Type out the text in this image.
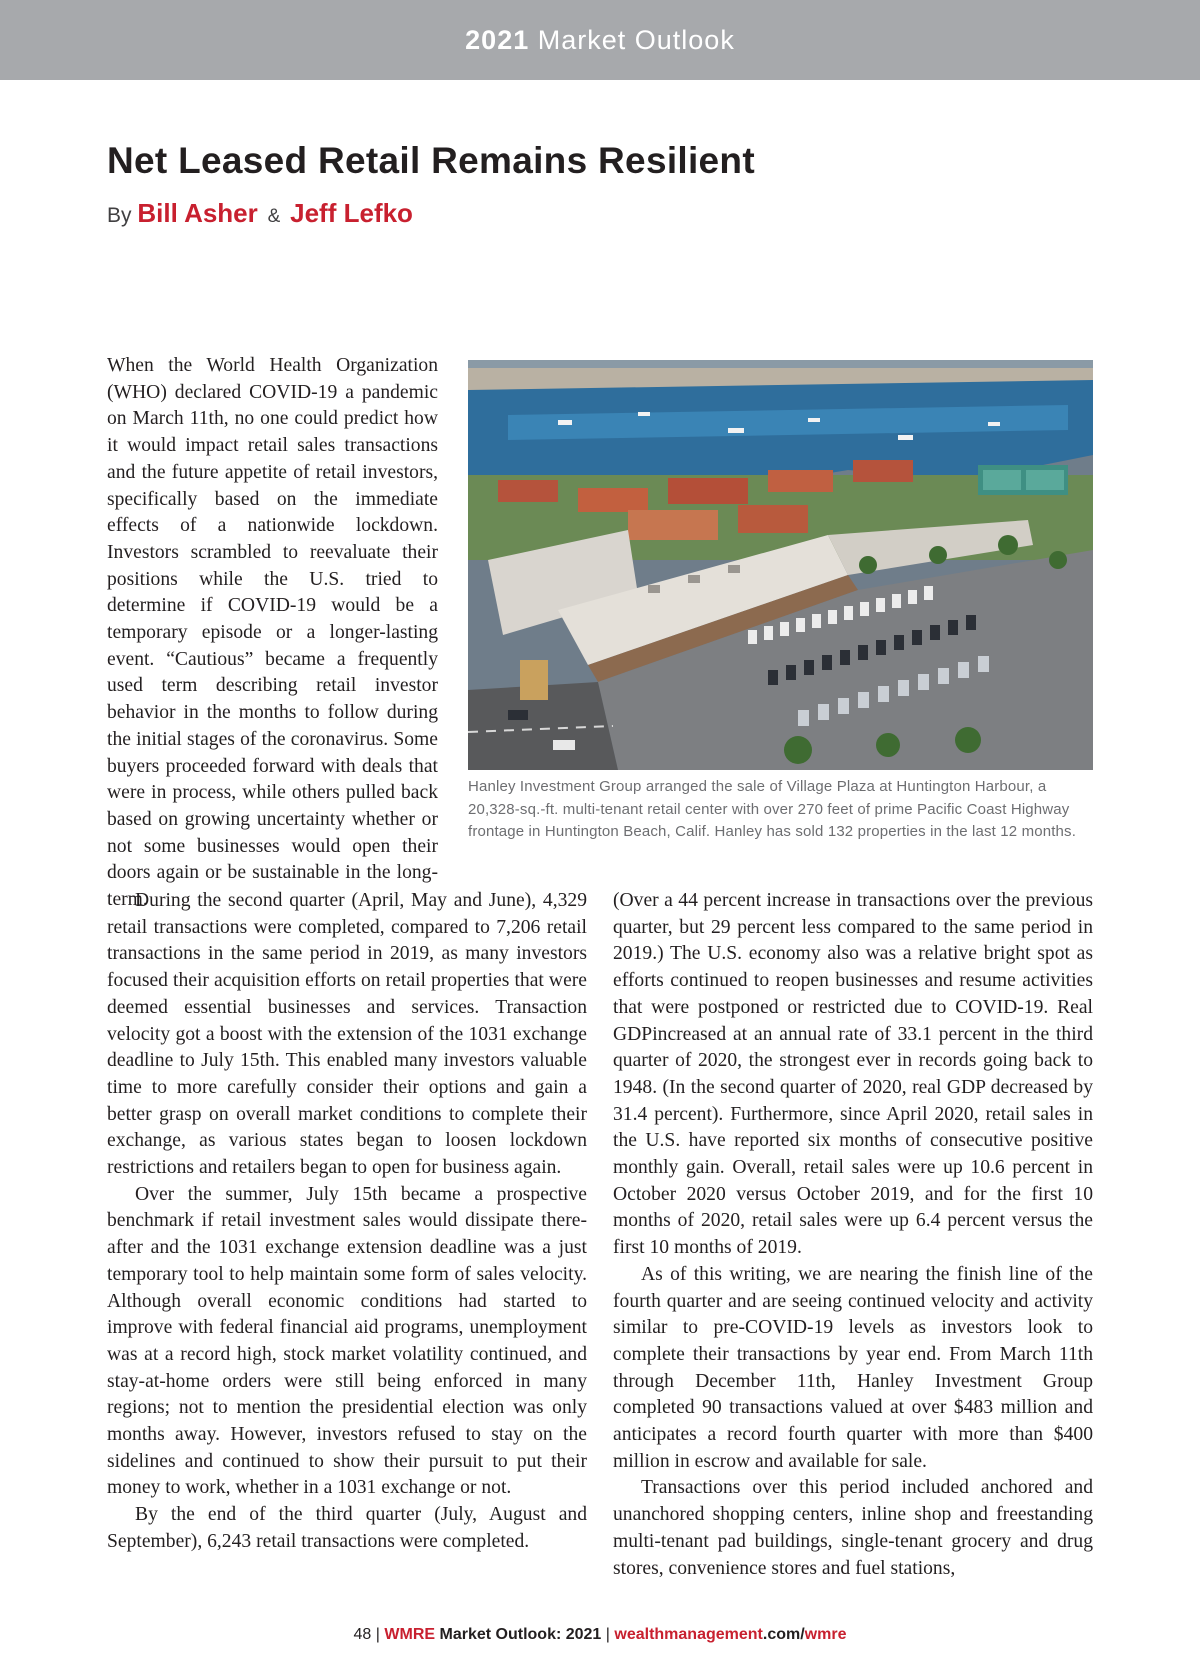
2021 Market Outlook
Net Leased Retail Remains Resilient
By Bill Asher & Jeff Lefko
Hanley Investment Group arranged the sale of Village Plaza at Huntington Harbour, a 20,328-sq.-ft. multi-tenant retail center with over 270 feet of prime Pacific Coast Highway frontage in Huntington Beach, Calif. Hanley has sold 132 properties in the last 12 months.

When the World Health Organization (WHO) declared COVID-19 a pandemic on March 11th, no one could predict how it would impact retail sales transactions and the future appetite of retail investors, specifically based on the immediate effects of a nationwide lockdown. Investors scrambled to reevaluate their positions while the U.S. tried to determine if COVID-19 would be a temporary episode or a longer-lasting event. “Cautious” became a frequently used term describing retail investor behavior in the months to follow during the initial stages of the coronavirus. Some buyers proceeded forward with deals that were in process, while others pulled back based on growing uncertainty whether or not some businesses would open their doors again or be sustainable in the long-term.

During the second quarter (April, May and June), 4,329 retail transactions were completed, compared to 7,206 retail transactions in the same period in 2019, as many investors focused their acquisition efforts on retail properties that were deemed essential businesses and services. Transaction velocity got a boost with the extension of the 1031 exchange deadline to July 15th. This enabled many investors valuable time to more carefully consider their options and gain a better grasp on overall market conditions to complete their exchange, as various states began to loosen lockdown restrictions and retailers began to open for business again.

Over the summer, July 15th became a prospective benchmark if retail investment sales would dissipate thereafter and the 1031 exchange extension deadline was a just temporary tool to help maintain some form of sales velocity. Although overall economic conditions had started to improve with federal financial aid programs, unemployment was at a record high, stock market volatility continued, and stay-at-home orders were still being enforced in many regions; not to mention the presidential election was only months away. However, investors refused to stay on the sidelines and continued to show their pursuit to put their money to work, whether in a 1031 exchange or not.

By the end of the third quarter (July, August and September), 6,243 retail transactions were completed.

(Over a 44 percent increase in transactions over the previous quarter, but 29 percent less compared to the same period in 2019.) The U.S. economy also was a relative bright spot as efforts continued to reopen businesses and resume activities that were postponed or restricted due to COVID-19. Real GDPincreased at an annual rate of 33.1 percent in the third quarter of 2020, the strongest ever in records going back to 1948. (In the second quarter of 2020, real GDP decreased by 31.4 percent). Furthermore, since April 2020, retail sales in the U.S. have reported six months of consecutive positive monthly gain. Overall, retail sales were up 10.6 percent in October 2020 versus October 2019, and for the first 10 months of 2020, retail sales were up 6.4 percent versus the first 10 months of 2019.

As of this writing, we are nearing the finish line of the fourth quarter and are seeing continued velocity and activity similar to pre-COVID-19 levels as investors look to complete their transactions by year end. From March 11th through December 11th, Hanley Investment Group completed 90 transactions valued at over $483 million and anticipates a record fourth quarter with more than $400 million in escrow and available for sale.

Transactions over this period included anchored and unanchored shopping centers, inline shop and freestanding multi-tenant pad buildings, single-tenant grocery and drug stores, convenience stores and fuel stations,

48 | WMRE Market Outlook: 2021 | wealthmanagement.com/wmre
